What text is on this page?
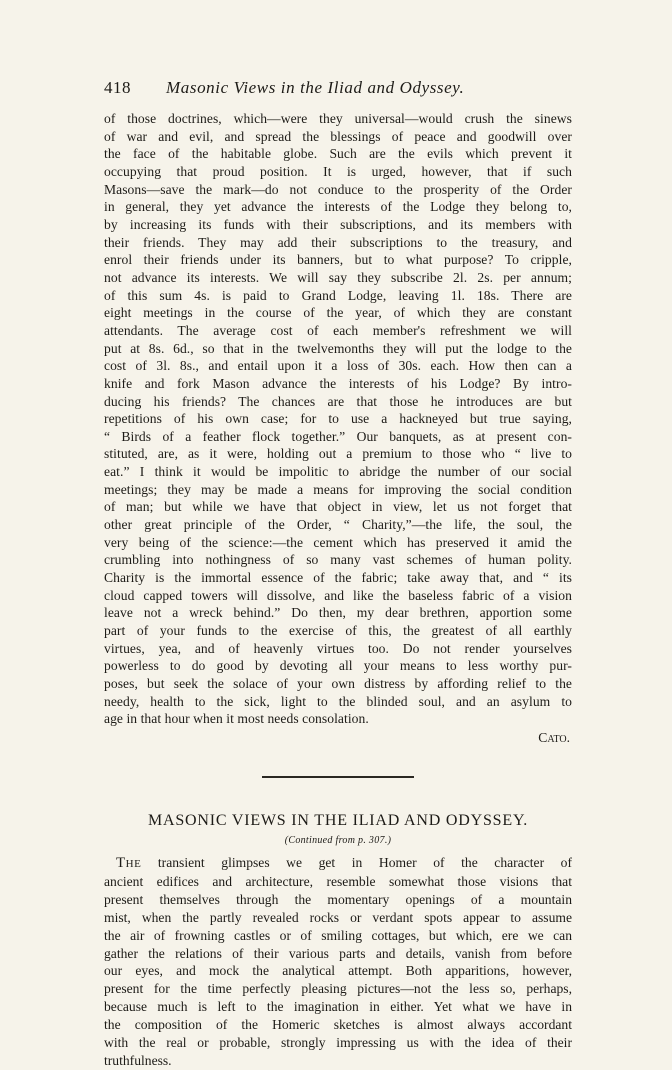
418	Masonic Views in the Iliad and Odyssey.
of those doctrines, which—were they universal—would crush the sinews
of war and evil, and spread the blessings of peace and goodwill over
the face of the habitable globe. Such are the evils which prevent it
occupying that proud position. It is urged, however, that if such
Masons—save the mark—do not conduce to the prosperity of the Order
in general, they yet advance the interests of the Lodge they belong to,
by increasing its funds with their subscriptions, and its members with
their friends. They may add their subscriptions to the treasury, and
enrol their friends under its banners, but to what purpose? To cripple,
not advance its interests. We will say they subscribe 2l. 2s. per annum;
of this sum 4s. is paid to Grand Lodge, leaving 1l. 18s. There are
eight meetings in the course of the year, of which they are constant
attendants. The average cost of each member's refreshment we will
put at 8s. 6d., so that in the twelvemonths they will put the lodge to the
cost of 3l. 8s., and entail upon it a loss of 30s. each. How then can a
knife and fork Mason advance the interests of his Lodge? By intro-
ducing his friends? The chances are that those he introduces are but
repetitions of his own case; for to use a hackneyed but true saying,
“ Birds of a feather flock together.” Our banquets, as at present con-
stituted, are, as it were, holding out a premium to those who “ live to
eat.” I think it would be impolitic to abridge the number of our social
meetings; they may be made a means for improving the social condition
of man; but while we have that object in view, let us not forget that
other great principle of the Order, “ Charity,”—the life, the soul, the
very being of the science:—the cement which has preserved it amid the
crumbling into nothingness of so many vast schemes of human polity.
Charity is the immortal essence of the fabric; take away that, and “ its
cloud capped towers will dissolve, and like the baseless fabric of a vision
leave not a wreck behind.” Do then, my dear brethren, apportion some
part of your funds to the exercise of this, the greatest of all earthly
virtues, yea, and of heavenly virtues too. Do not render yourselves
powerless to do good by devoting all your means to less worthy pur-
poses, but seek the solace of your own distress by affording relief to the
needy, health to the sick, light to the blinded soul, and an asylum to
age in that hour when it most needs consolation.
Cato.
MASONIC VIEWS IN THE ILIAD AND ODYSSEY.
(Continued from p. 307.)
The transient glimpses we get in Homer of the character of
ancient edifices and architecture, resemble somewhat those visions that
present themselves through the momentary openings of a mountain
mist, when the partly revealed rocks or verdant spots appear to assume
the air of frowning castles or of smiling cottages, but which, ere we can
gather the relations of their various parts and details, vanish from before
our eyes, and mock the analytical attempt. Both apparitions, however,
present for the time perfectly pleasing pictures—not the less so, perhaps,
because much is left to the imagination in either. Yet what we have in
the composition of the Homeric sketches is almost always accordant
with the real or probable, strongly impressing us with the idea of their
truthfulness.
